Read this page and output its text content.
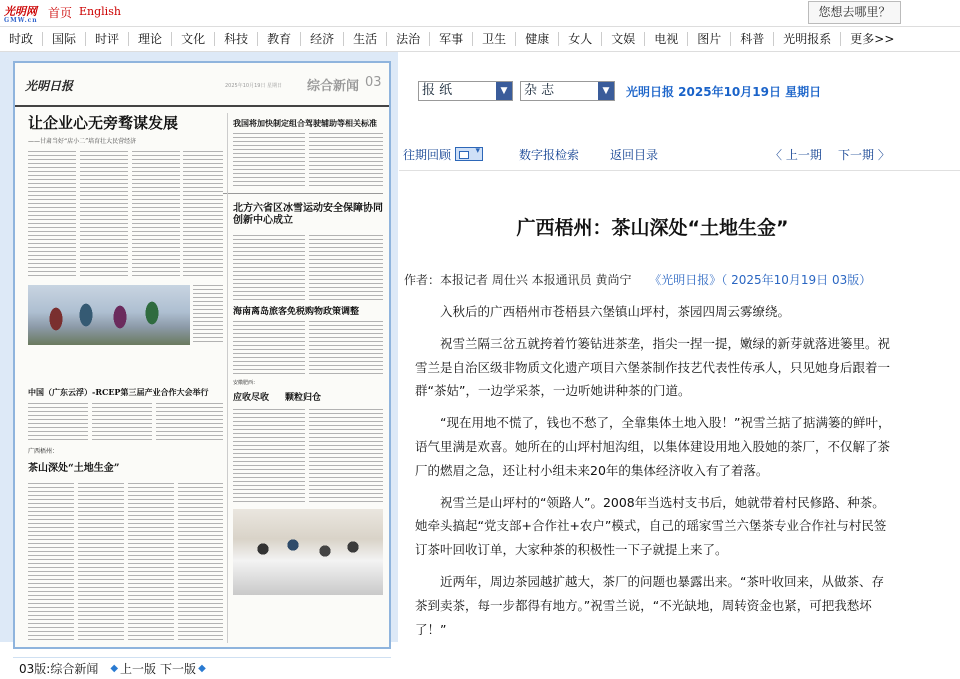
光明网
GMW.cn
首页 English	您想去哪里？
时政	国际	时评	理论	文化	科技	教育	经济	生活	法治	军事	卫生	健康	女人	文娱	电视	图片	科普	光明报系	更多>>
光明日报	2025年10月19日 星期日 综合新闻 03
让企业心无旁骛谋发展
——甘肃当好“店小二”培育壮大民营经济
我国将加快制定组合驾驶辅助等相关标准
北方六省区冰雪运动安全保障协同创新中心成立
海南离岛旅客免税购物政策调整
中国（广东云浮）-RCEP第三届产业合作大会举行
广西梧州：
茶山深处“土地生金”
安徽肥西：
应收尽收 颗粒归仓
03版:综合新闻 ◆ 上一版 下一版 ◆
报 纸	▼	杂 志	▼	光明日报 2025年10月19日 星期日
往期回顾
▾	数字报检索	返回目录	〈 上一期 下一期 〉
广西梧州：茶山深处“土地生金”
作者：本报记者 周仕兴 本报通讯员 黄尚宁 《光明日报》（ 2025年10月19日 03版）

入秋后的广西梧州市苍梧县六堡镇山坪村，茶园四周云雾缭绕。

祝雪兰隔三岔五就挎着竹篓钻进茶垄，指尖一捏一提，嫩绿的新芽就落进篓里。祝雪兰是自治区级非物质文化遗产项目六堡茶制作技艺代表性传承人，只见她身后跟着一群“茶姑”，一边学采茶，一边听她讲种茶的门道。

“现在用地不慌了，钱也不愁了，全靠集体土地入股！”祝雪兰掂了掂满篓的鲜叶，语气里满是欢喜。她所在的山坪村旭沟组，以集体建设用地入股她的茶厂，不仅解了茶厂的燃眉之急，还让村小组未来20年的集体经济收入有了着落。

祝雪兰是山坪村的“领路人”。2008年当选村支书后，她就带着村民修路、种茶。她牵头搞起“党支部+合作社+农户”模式，自己的瑶家雪兰六堡茶专业合作社与村民签订茶叶回收订单，大家种茶的积极性一下子就提上来了。

近两年，周边茶园越扩越大，茶厂的问题也暴露出来。“茶叶收回来，从做茶、存茶到卖茶，每一步都得有地方。”祝雪兰说，“不光缺地，周转资金也紧，可把我愁坏了！”
